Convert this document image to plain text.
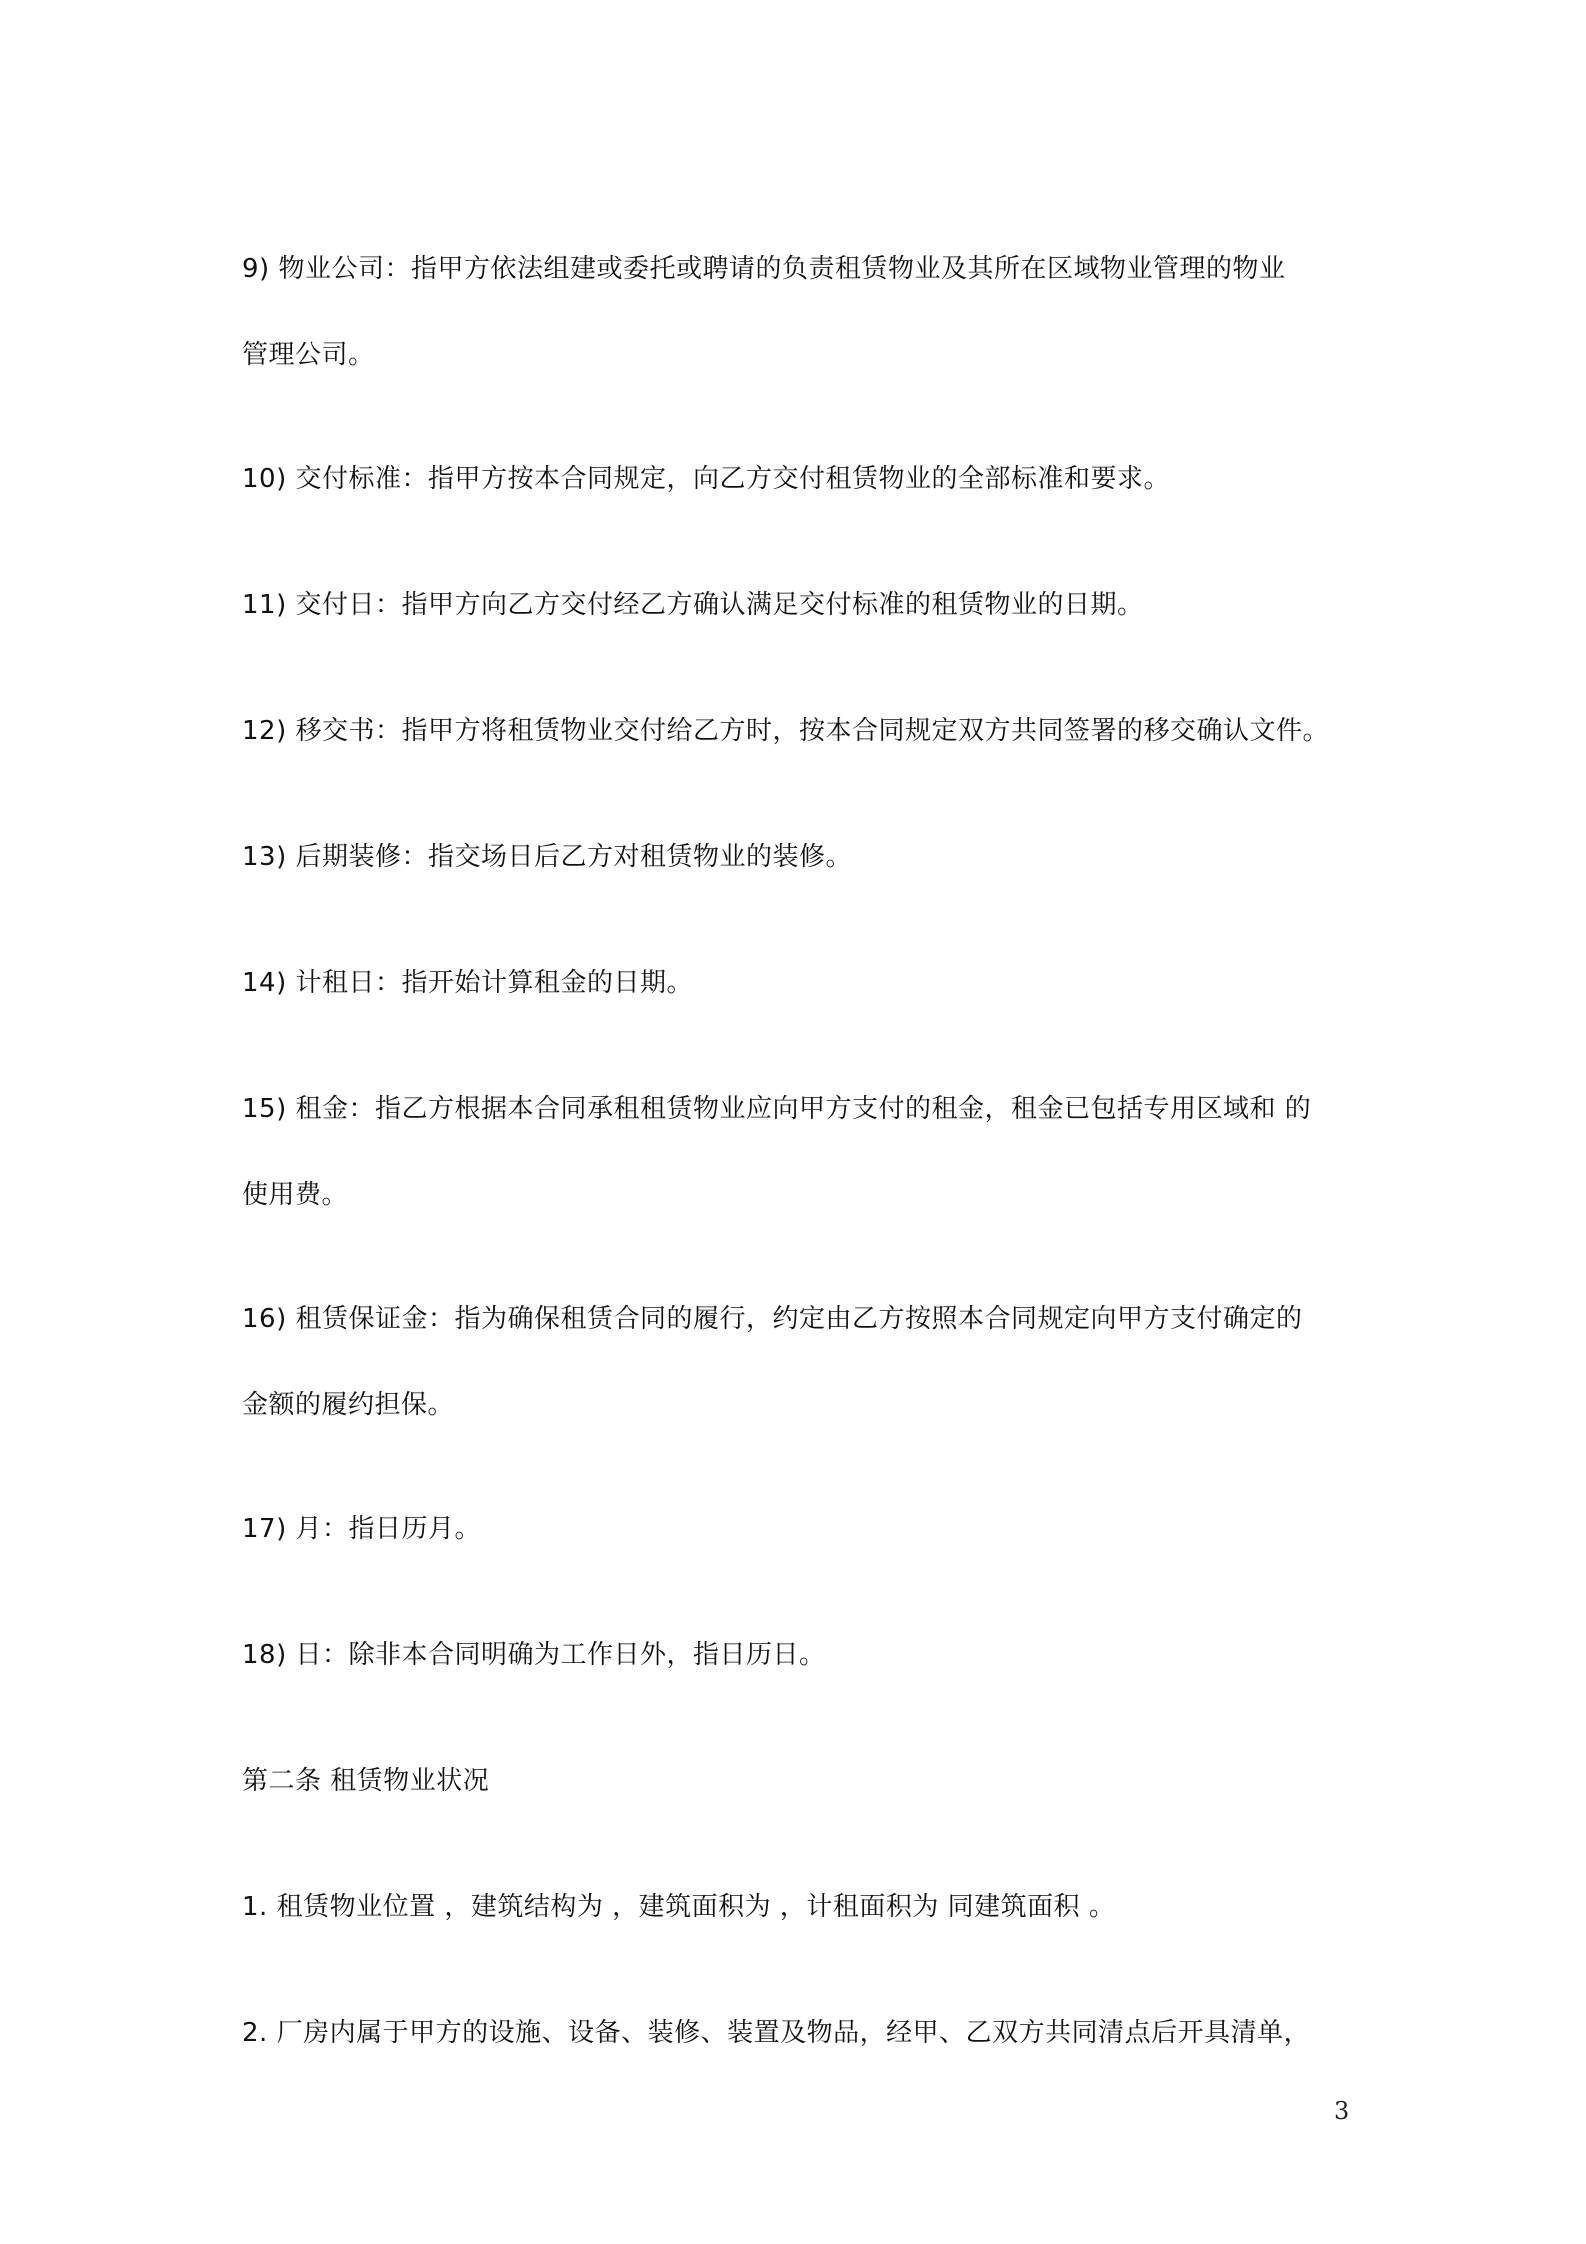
9) 物业公司：指甲方依法组建或委托或聘请的负责租赁物业及其所在区域物业管理的物业
管理公司。
10) 交付标准：指甲方按本合同规定，向乙方交付租赁物业的全部标准和要求。
11) 交付日：指甲方向乙方交付经乙方确认满足交付标准的租赁物业的日期。
12) 移交书：指甲方将租赁物业交付给乙方时，按本合同规定双方共同签署的移交确认文件。
13) 后期装修：指交场日后乙方对租赁物业的装修。
14) 计租日：指开始计算租金的日期。
15) 租金：指乙方根据本合同承租租赁物业应向甲方支付的租金，租金已包括专用区域和 的
使用费。
16) 租赁保证金：指为确保租赁合同的履行，约定由乙方按照本合同规定向甲方支付确定的
金额的履约担保。
17) 月：指日历月。
18) 日：除非本合同明确为工作日外，指日历日。
第二条 租赁物业状况
1. 租赁物业位置 ，建筑结构为 ，建筑面积为 ，计租面积为 同建筑面积 。
2. 厂房内属于甲方的设施、设备、装修、装置及物品，经甲、乙双方共同清点后开具清单，
3
